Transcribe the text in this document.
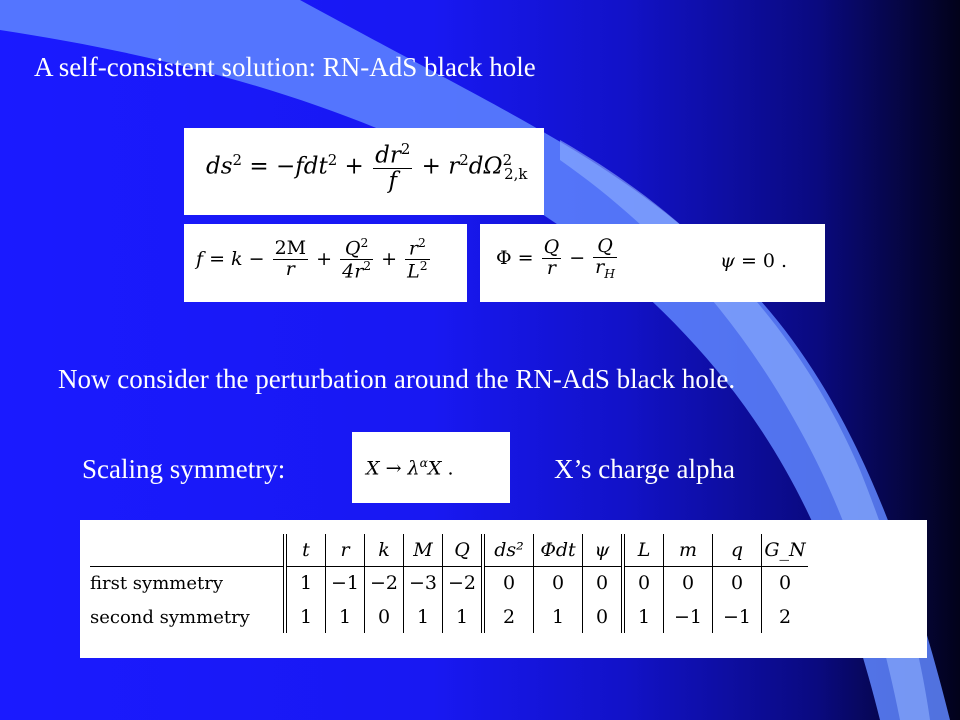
A self-consistent solution: RN-AdS black hole
$ds^2 = -fdt^2 + \frac{dr^2}{f} + r^2d\Omega^2_{2,k}$
$f = k - \frac{2M}{r} + \frac{Q^2}{4r^2} + \frac{r^2}{L^2}$	$\Phi = \frac{Q}{r} - \frac{Q}{r_H}$	ψ = 0 .
Now consider the perturbation around the RN-AdS black hole.
Scaling symmetry:	$X \to \lambda^\alpha X$ .	X’s charge alpha
	t	r	k	M	Q	ds²	Φdt	ψ	L	m	q	G_N
first symmetry	1	−1	−2	−3	−2	0	0	0	0	0	0	0
second symmetry	1	1	0	1	1	2	1	0	1	−1	−1	2
